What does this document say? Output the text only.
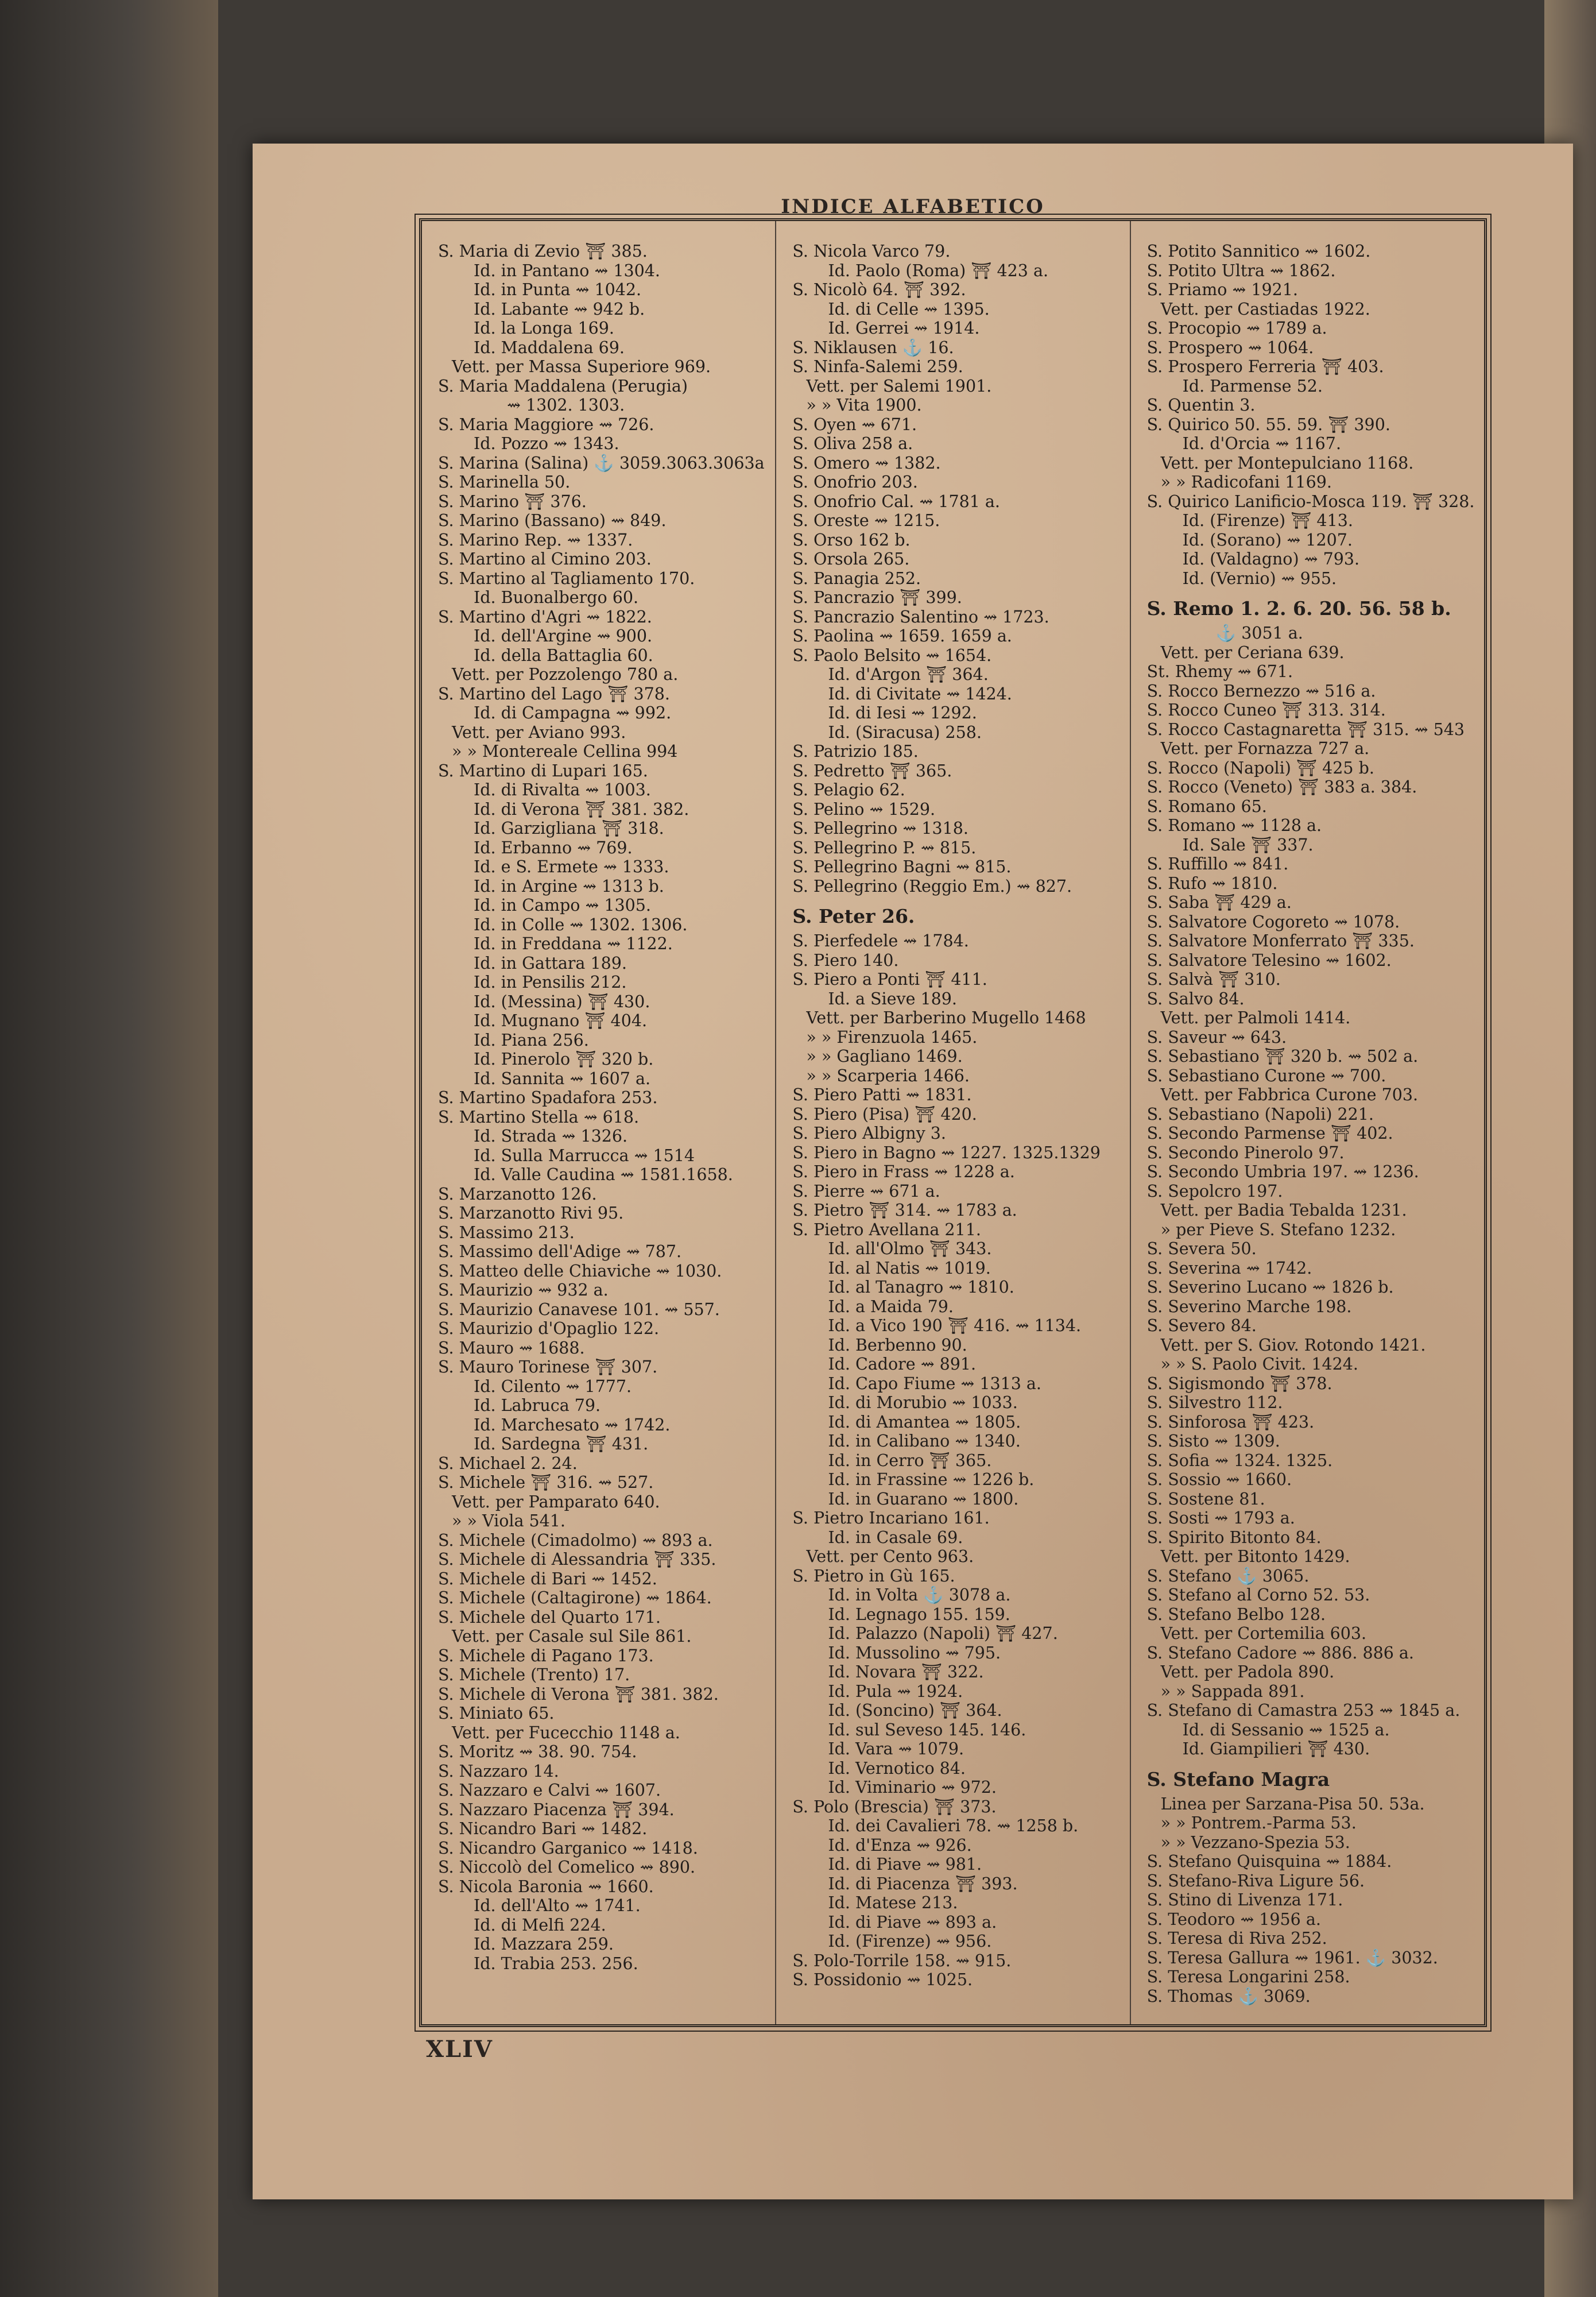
INDICE ALFABETICO
S. Maria di Zevio ⛩ 385.
Id. in Pantano ⇝ 1304.
Id. in Punta ⇝ 1042.
Id. Labante ⇝ 942 b.
Id. la Longa 169.
Id. Maddalena 69.
Vett. per Massa Superiore 969.
S. Maria Maddalena (Perugia)
⇝ 1302. 1303.
S. Maria Maggiore ⇝ 726.
Id. Pozzo ⇝ 1343.
S. Marina (Salina) ⚓ 3059.3063.3063a
S. Marinella 50.
S. Marino ⛩ 376.
S. Marino (Bassano) ⇝ 849.
S. Marino Rep. ⇝ 1337.
S. Martino al Cimino 203.
S. Martino al Tagliamento 170.
Id. Buonalbergo 60.
S. Martino d'Agri ⇝ 1822.
Id. dell'Argine ⇝ 900.
Id. della Battaglia 60.
Vett. per Pozzolengo 780 a.
S. Martino del Lago ⛩ 378.
Id. di Campagna ⇝ 992.
Vett. per Aviano 993.
» » Montereale Cellina 994
S. Martino di Lupari 165.
Id. di Rivalta ⇝ 1003.
Id. di Verona ⛩ 381. 382.
Id. Garzigliana ⛩ 318.
Id. Erbanno ⇝ 769.
Id. e S. Ermete ⇝ 1333.
Id. in Argine ⇝ 1313 b.
Id. in Campo ⇝ 1305.
Id. in Colle ⇝ 1302. 1306.
Id. in Freddana ⇝ 1122.
Id. in Gattara 189.
Id. in Pensilis 212.
Id. (Messina) ⛩ 430.
Id. Mugnano ⛩ 404.
Id. Piana 256.
Id. Pinerolo ⛩ 320 b.
Id. Sannita ⇝ 1607 a.
S. Martino Spadafora 253.
S. Martino Stella ⇝ 618.
Id. Strada ⇝ 1326.
Id. Sulla Marrucca ⇝ 1514
Id. Valle Caudina ⇝ 1581.1658.
S. Marzanotto 126.
S. Marzanotto Rivi 95.
S. Massimo 213.
S. Massimo dell'Adige ⇝ 787.
S. Matteo delle Chiaviche ⇝ 1030.
S. Maurizio ⇝ 932 a.
S. Maurizio Canavese 101. ⇝ 557.
S. Maurizio d'Opaglio 122.
S. Mauro ⇝ 1688.
S. Mauro Torinese ⛩ 307.
Id. Cilento ⇝ 1777.
Id. Labruca 79.
Id. Marchesato ⇝ 1742.
Id. Sardegna ⛩ 431.
S. Michael 2. 24.
S. Michele ⛩ 316. ⇝ 527.
Vett. per Pamparato 640.
» » Viola 541.
S. Michele (Cimadolmo) ⇝ 893 a.
S. Michele di Alessandria ⛩ 335.
S. Michele di Bari ⇝ 1452.
S. Michele (Caltagirone) ⇝ 1864.
S. Michele del Quarto 171.
Vett. per Casale sul Sile 861.
S. Michele di Pagano 173.
S. Michele (Trento) 17.
S. Michele di Verona ⛩ 381. 382.
S. Miniato 65.
Vett. per Fucecchio 1148 a.
S. Moritz ⇝ 38. 90. 754.
S. Nazzaro 14.
S. Nazzaro e Calvi ⇝ 1607.
S. Nazzaro Piacenza ⛩ 394.
S. Nicandro Bari ⇝ 1482.
S. Nicandro Garganico ⇝ 1418.
S. Niccolò del Comelico ⇝ 890.
S. Nicola Baronia ⇝ 1660.
Id. dell'Alto ⇝ 1741.
Id. di Melfi 224.
Id. Mazzara 259.
Id. Trabia 253. 256.
S. Nicola Varco 79.
Id. Paolo (Roma) ⛩ 423 a.
S. Nicolò 64. ⛩ 392.
Id. di Celle ⇝ 1395.
Id. Gerrei ⇝ 1914.
S. Niklausen ⚓ 16.
S. Ninfa-Salemi 259.
Vett. per Salemi 1901.
» » Vita 1900.
S. Oyen ⇝ 671.
S. Oliva 258 a.
S. Omero ⇝ 1382.
S. Onofrio 203.
S. Onofrio Cal. ⇝ 1781 a.
S. Oreste ⇝ 1215.
S. Orso 162 b.
S. Orsola 265.
S. Panagia 252.
S. Pancrazio ⛩ 399.
S. Pancrazio Salentino ⇝ 1723.
S. Paolina ⇝ 1659. 1659 a.
S. Paolo Belsito ⇝ 1654.
Id. d'Argon ⛩ 364.
Id. di Civitate ⇝ 1424.
Id. di Iesi ⇝ 1292.
Id. (Siracusa) 258.
S. Patrizio 185.
S. Pedretto ⛩ 365.
S. Pelagio 62.
S. Pelino ⇝ 1529.
S. Pellegrino ⇝ 1318.
S. Pellegrino P. ⇝ 815.
S. Pellegrino Bagni ⇝ 815.
S. Pellegrino (Reggio Em.) ⇝ 827.
S. Peter 26.
S. Pierfedele ⇝ 1784.
S. Piero 140.
S. Piero a Ponti ⛩ 411.
Id. a Sieve 189.
Vett. per Barberino Mugello 1468
» » Firenzuola 1465.
» » Gagliano 1469.
» » Scarperia 1466.
S. Piero Patti ⇝ 1831.
S. Piero (Pisa) ⛩ 420.
S. Piero Albigny 3.
S. Piero in Bagno ⇝ 1227. 1325.1329
S. Piero in Frass ⇝ 1228 a.
S. Pierre ⇝ 671 a.
S. Pietro ⛩ 314. ⇝ 1783 a.
S. Pietro Avellana 211.
Id. all'Olmo ⛩ 343.
Id. al Natis ⇝ 1019.
Id. al Tanagro ⇝ 1810.
Id. a Maida 79.
Id. a Vico 190 ⛩ 416. ⇝ 1134.
Id. Berbenno 90.
Id. Cadore ⇝ 891.
Id. Capo Fiume ⇝ 1313 a.
Id. di Morubio ⇝ 1033.
Id. di Amantea ⇝ 1805.
Id. in Calibano ⇝ 1340.
Id. in Cerro ⛩ 365.
Id. in Frassine ⇝ 1226 b.
Id. in Guarano ⇝ 1800.
S. Pietro Incariano 161.
Id. in Casale 69.
Vett. per Cento 963.
S. Pietro in Gù 165.
Id. in Volta ⚓ 3078 a.
Id. Legnago 155. 159.
Id. Palazzo (Napoli) ⛩ 427.
Id. Mussolino ⇝ 795.
Id. Novara ⛩ 322.
Id. Pula ⇝ 1924.
Id. (Soncino) ⛩ 364.
Id. sul Seveso 145. 146.
Id. Vara ⇝ 1079.
Id. Vernotico 84.
Id. Viminario ⇝ 972.
S. Polo (Brescia) ⛩ 373.
Id. dei Cavalieri 78. ⇝ 1258 b.
Id. d'Enza ⇝ 926.
Id. di Piave ⇝ 981.
Id. di Piacenza ⛩ 393.
Id. Matese 213.
Id. di Piave ⇝ 893 a.
Id. (Firenze) ⇝ 956.
S. Polo-Torrile 158. ⇝ 915.
S. Possidonio ⇝ 1025.
S. Potito Sannitico ⇝ 1602.
S. Potito Ultra ⇝ 1862.
S. Priamo ⇝ 1921.
Vett. per Castiadas 1922.
S. Procopio ⇝ 1789 a.
S. Prospero ⇝ 1064.
S. Prospero Ferreria ⛩ 403.
Id. Parmense 52.
S. Quentin 3.
S. Quirico 50. 55. 59. ⛩ 390.
Id. d'Orcia ⇝ 1167.
Vett. per Montepulciano 1168.
» » Radicofani 1169.
S. Quirico Lanificio-Mosca 119. ⛩ 328.
Id. (Firenze) ⛩ 413.
Id. (Sorano) ⇝ 1207.
Id. (Valdagno) ⇝ 793.
Id. (Vernio) ⇝ 955.
S. Remo 1. 2. 6. 20. 56. 58 b.
⚓ 3051 a.
Vett. per Ceriana 639.
St. Rhemy ⇝ 671.
S. Rocco Bernezzo ⇝ 516 a.
S. Rocco Cuneo ⛩ 313. 314.
S. Rocco Castagnaretta ⛩ 315. ⇝ 543
Vett. per Fornazza 727 a.
S. Rocco (Napoli) ⛩ 425 b.
S. Rocco (Veneto) ⛩ 383 a. 384.
S. Romano 65.
S. Romano ⇝ 1128 a.
Id. Sale ⛩ 337.
S. Ruffillo ⇝ 841.
S. Rufo ⇝ 1810.
S. Saba ⛩ 429 a.
S. Salvatore Cogoreto ⇝ 1078.
S. Salvatore Monferrato ⛩ 335.
S. Salvatore Telesino ⇝ 1602.
S. Salvà ⛩ 310.
S. Salvo 84.
Vett. per Palmoli 1414.
S. Saveur ⇝ 643.
S. Sebastiano ⛩ 320 b. ⇝ 502 a.
S. Sebastiano Curone ⇝ 700.
Vett. per Fabbrica Curone 703.
S. Sebastiano (Napoli) 221.
S. Secondo Parmense ⛩ 402.
S. Secondo Pinerolo 97.
S. Secondo Umbria 197. ⇝ 1236.
S. Sepolcro 197.
Vett. per Badia Tebalda 1231.
» per Pieve S. Stefano 1232.
S. Severa 50.
S. Severina ⇝ 1742.
S. Severino Lucano ⇝ 1826 b.
S. Severino Marche 198.
S. Severo 84.
Vett. per S. Giov. Rotondo 1421.
» » S. Paolo Civit. 1424.
S. Sigismondo ⛩ 378.
S. Silvestro 112.
S. Sinforosa ⛩ 423.
S. Sisto ⇝ 1309.
S. Sofia ⇝ 1324. 1325.
S. Sossio ⇝ 1660.
S. Sostene 81.
S. Sosti ⇝ 1793 a.
S. Spirito Bitonto 84.
Vett. per Bitonto 1429.
S. Stefano ⚓ 3065.
S. Stefano al Corno 52. 53.
S. Stefano Belbo 128.
Vett. per Cortemilia 603.
S. Stefano Cadore ⇝ 886. 886 a.
Vett. per Padola 890.
» » Sappada 891.
S. Stefano di Camastra 253 ⇝ 1845 a.
Id. di Sessanio ⇝ 1525 a.
Id. Giampilieri ⛩ 430.
S. Stefano Magra
Linea per Sarzana-Pisa 50. 53a.
» » Pontrem.-Parma 53.
» » Vezzano-Spezia 53.
S. Stefano Quisquina ⇝ 1884.
S. Stefano-Riva Ligure 56.
S. Stino di Livenza 171.
S. Teodoro ⇝ 1956 a.
S. Teresa di Riva 252.
S. Teresa Gallura ⇝ 1961. ⚓ 3032.
S. Teresa Longarini 258.
S. Thomas ⚓ 3069.
XLIV
